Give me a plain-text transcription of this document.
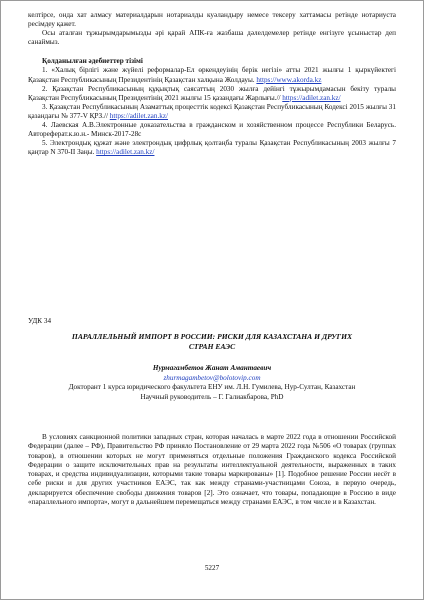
келтірсе, онда хат алмасу материалдарын нотариалды куәландыру немесе тексеру хаттамасы ретінде нотариуста ресімдеу қажет.

Осы аталған тұжырымдарымызды әрі қарай АПК-ға жазбаша дәлелдемелер ретінде енгізуге ұсыныстар деп санаймыз.

Қолданылған әдебиеттер тізімі

1. «Халық бірлігі және жүйелі реформалар-Ел өркендеуінің берік негізі» атты 2021 жылғы 1 қыркүйектегі Қазақстан Республикасының Президентінің Қазақстан халқына Жолдауы. https://www.akorda.kz

2. Қазақстан Республикасының құқықтық саясаттың 2030 жылға дейінгі тұжырымдамасын бекіту туралы Қазақстан Республикасының Президентінің 2021 жылғы 15 қазандағы Жарлығы.// https://adilet.zan.kz/

3. Қазақстан Республикасының Азаматтық процесттік кодексі Қазақстан Республикасының Кодексі 2015 жылғы 31 қазандағы № 377-V ҚРЗ.// https://adilet.zan.kz/

4. Лаевская А.В.Электронные доказательства в гражданском и хозяйственном процессе Республики Беларусь. Автореферат.к.ю.н.- Минск-2017-28с

5. Электрондық құжат және электрондық цифрлық қолтаңба туралы Қазақстан Республикасының 2003 жылғы 7 қаңтар N 370-II Заңы. https://adilet.zan.kz/

УДК 34
ПАРАЛЛЕЛЬНЫЙ ИМПОРТ В РОССИИ: РИСКИ ДЛЯ КАЗАХСТАНА И ДРУГИХ СТРАН ЕАЭС
Нурмагамбетов Жанат Амантаевич
zhurmagambetov@bolotovip.com
Докторант 1 курса юридического факультета ЕНУ им. Л.Н. Гумилева, Нур-Султан, Казахстан
Научный руководитель – Г. Галиакбарова, PhD

В условиях санкционной политики западных стран, которая началась в марте 2022 года в отношении Российской Федерации (далее – РФ), Правительство РФ приняло Постановление от 29 марта 2022 года №506 «О товарах (группах товаров), в отношении которых не могут применяться отдельные положения Гражданского кодекса Российской Федерации о защите исключительных прав на результаты интеллектуальной деятельности, выраженных в таких товарах, и средства индивидуализации, которыми такие товары маркированы» [1]. Подобное решение России несёт в себе риски и для других участников ЕАЭС, так как между странами-участницами Союза, в первую очередь, декларируется обеспечение свободы движения товаров [2]. Это означает, что товары, попадающие в Россию в виде «параллельного импорта», могут в дальнейшем перемещаться между странами ЕАЭС, в том числе и в Казахстан.

5227
